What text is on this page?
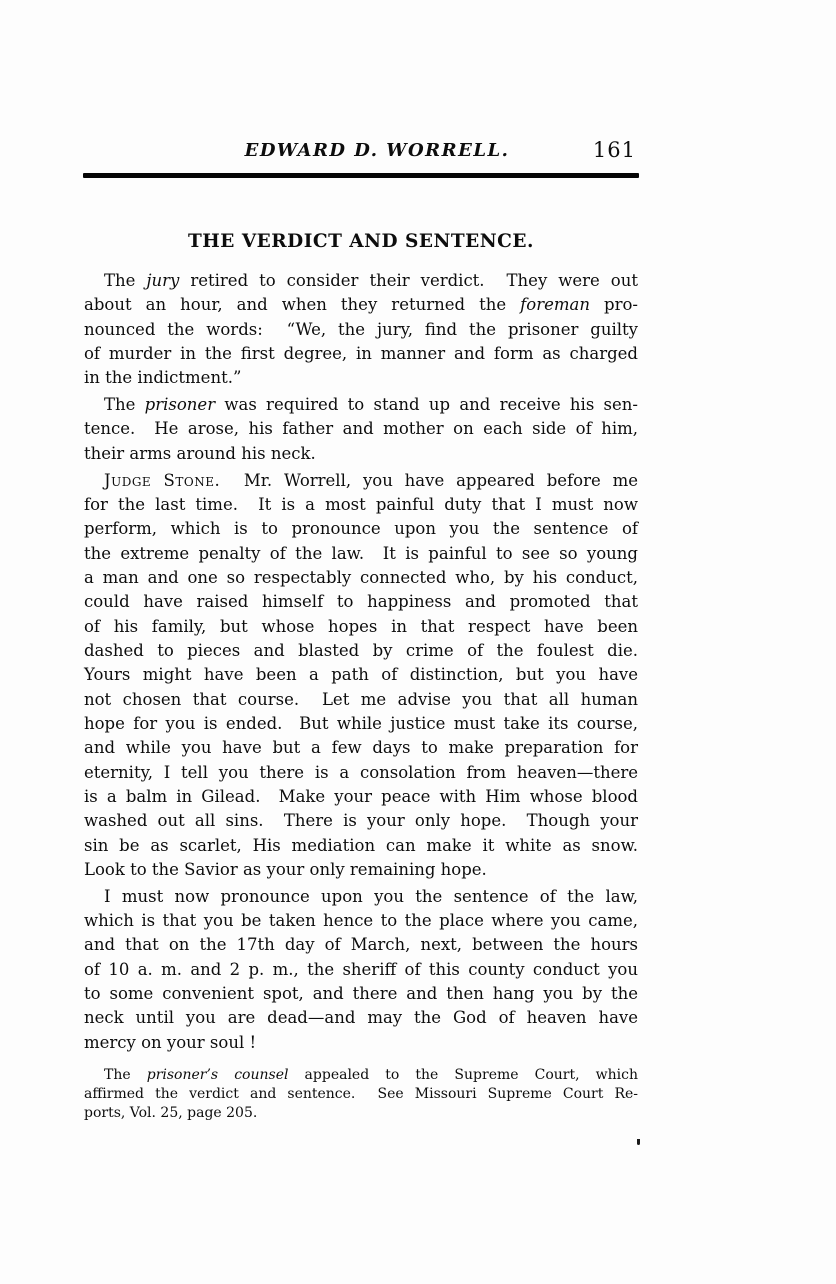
EDWARD D. WORRELL.	161
THE VERDICT AND SENTENCE.
The jury retired to consider their verdict.  They were out
about an hour, and when they returned the foreman pro-
nounced the words:  “We, the jury, find the prisoner guilty
of murder in the first degree, in manner and form as charged
in the indictment.”
The prisoner was required to stand up and receive his sen-
tence.  He arose, his father and mother on each side of him,
their arms around his neck.
Judge Stone.  Mr. Worrell, you have appeared before me
for the last time.  It is a most painful duty that I must now
perform, which is to pronounce upon you the sentence of
the extreme penalty of the law.  It is painful to see so young
a man and one so respectably connected who, by his conduct,
could have raised himself to happiness and promoted that
of his family, but whose hopes in that respect have been
dashed to pieces and blasted by crime of the foulest die.
Yours might have been a path of distinction, but you have
not chosen that course.  Let me advise you that all human
hope for you is ended.  But while justice must take its course,
and while you have but a few days to make preparation for
eternity, I tell you there is a consolation from heaven—there
is a balm in Gilead.  Make your peace with Him whose blood
washed out all sins.  There is your only hope.  Though your
sin be as scarlet, His mediation can make it white as snow.
Look to the Savior as your only remaining hope.
I must now pronounce upon you the sentence of the law,
which is that you be taken hence to the place where you came,
and that on the 17th day of March, next, between the hours
of 10 a. m. and 2 p. m., the sheriff of this county conduct you
to some convenient spot, and there and then hang you by the
neck until you are dead—and may the God of heaven have
mercy on your soul !
The prisoner’s counsel appealed to the Supreme Court, which
affirmed the verdict and sentence.  See Missouri Supreme Court Re-
ports, Vol. 25, page 205.
